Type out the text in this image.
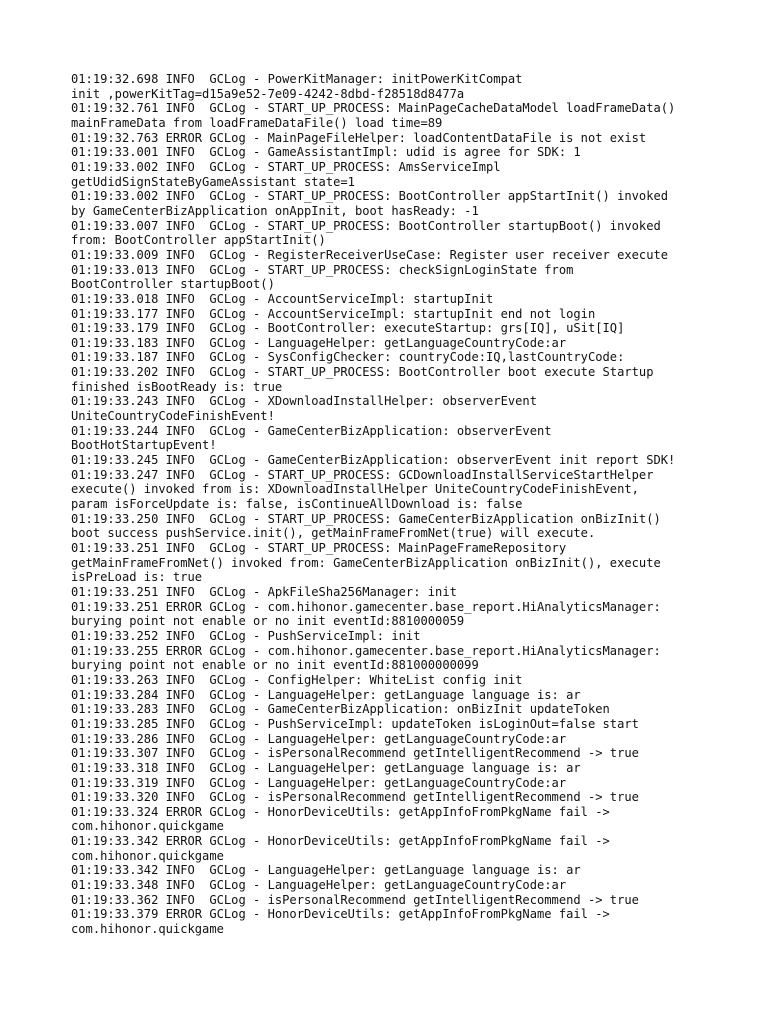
01:19:32.698 INFO  GCLog - PowerKitManager: initPowerKitCompat
init ,powerKitTag=d15a9e52-7e09-4242-8dbd-f28518d8477a
01:19:32.761 INFO  GCLog - START_UP_PROCESS: MainPageCacheDataModel loadFrameData()
mainFrameData from loadFrameDataFile() load time=89
01:19:32.763 ERROR GCLog - MainPageFileHelper: loadContentDataFile is not exist
01:19:33.001 INFO  GCLog - GameAssistantImpl: udid is agree for SDK: 1
01:19:33.002 INFO  GCLog - START_UP_PROCESS: AmsServiceImpl
getUdidSignStateByGameAssistant state=1
01:19:33.002 INFO  GCLog - START_UP_PROCESS: BootController appStartInit() invoked
by GameCenterBizApplication onAppInit, boot hasReady: -1
01:19:33.007 INFO  GCLog - START_UP_PROCESS: BootController startupBoot() invoked
from: BootController appStartInit()
01:19:33.009 INFO  GCLog - RegisterReceiverUseCase: Register user receiver execute
01:19:33.013 INFO  GCLog - START_UP_PROCESS: checkSignLoginState from
BootController startupBoot()
01:19:33.018 INFO  GCLog - AccountServiceImpl: startupInit
01:19:33.177 INFO  GCLog - AccountServiceImpl: startupInit end not login
01:19:33.179 INFO  GCLog - BootController: executeStartup: grs[IQ], uSit[IQ]
01:19:33.183 INFO  GCLog - LanguageHelper: getLanguageCountryCode:ar
01:19:33.187 INFO  GCLog - SysConfigChecker: countryCode:IQ,lastCountryCode:
01:19:33.202 INFO  GCLog - START_UP_PROCESS: BootController boot execute Startup
finished isBootReady is: true
01:19:33.243 INFO  GCLog - XDownloadInstallHelper: observerEvent
UniteCountryCodeFinishEvent!
01:19:33.244 INFO  GCLog - GameCenterBizApplication: observerEvent
BootHotStartupEvent!
01:19:33.245 INFO  GCLog - GameCenterBizApplication: observerEvent init report SDK!
01:19:33.247 INFO  GCLog - START_UP_PROCESS: GCDownloadInstallServiceStartHelper
execute() invoked from is: XDownloadInstallHelper UniteCountryCodeFinishEvent,
param isForceUpdate is: false, isContinueAllDownload is: false
01:19:33.250 INFO  GCLog - START_UP_PROCESS: GameCenterBizApplication onBizInit()
boot success pushService.init(), getMainFrameFromNet(true) will execute.
01:19:33.251 INFO  GCLog - START_UP_PROCESS: MainPageFrameRepository
getMainFrameFromNet() invoked from: GameCenterBizApplication onBizInit(), execute
isPreLoad is: true
01:19:33.251 INFO  GCLog - ApkFileSha256Manager: init
01:19:33.251 ERROR GCLog - com.hihonor.gamecenter.base_report.HiAnalyticsManager:
burying point not enable or no init eventId:8810000059
01:19:33.252 INFO  GCLog - PushServiceImpl: init
01:19:33.255 ERROR GCLog - com.hihonor.gamecenter.base_report.HiAnalyticsManager:
burying point not enable or no init eventId:881000000099
01:19:33.263 INFO  GCLog - ConfigHelper: WhiteList config init
01:19:33.284 INFO  GCLog - LanguageHelper: getLanguage language is: ar
01:19:33.283 INFO  GCLog - GameCenterBizApplication: onBizInit updateToken
01:19:33.285 INFO  GCLog - PushServiceImpl: updateToken isLoginOut=false start
01:19:33.286 INFO  GCLog - LanguageHelper: getLanguageCountryCode:ar
01:19:33.307 INFO  GCLog - isPersonalRecommend getIntelligentRecommend -> true
01:19:33.318 INFO  GCLog - LanguageHelper: getLanguage language is: ar
01:19:33.319 INFO  GCLog - LanguageHelper: getLanguageCountryCode:ar
01:19:33.320 INFO  GCLog - isPersonalRecommend getIntelligentRecommend -> true
01:19:33.324 ERROR GCLog - HonorDeviceUtils: getAppInfoFromPkgName fail ->
com.hihonor.quickgame
01:19:33.342 ERROR GCLog - HonorDeviceUtils: getAppInfoFromPkgName fail ->
com.hihonor.quickgame
01:19:33.342 INFO  GCLog - LanguageHelper: getLanguage language is: ar
01:19:33.348 INFO  GCLog - LanguageHelper: getLanguageCountryCode:ar
01:19:33.362 INFO  GCLog - isPersonalRecommend getIntelligentRecommend -> true
01:19:33.379 ERROR GCLog - HonorDeviceUtils: getAppInfoFromPkgName fail ->
com.hihonor.quickgame
